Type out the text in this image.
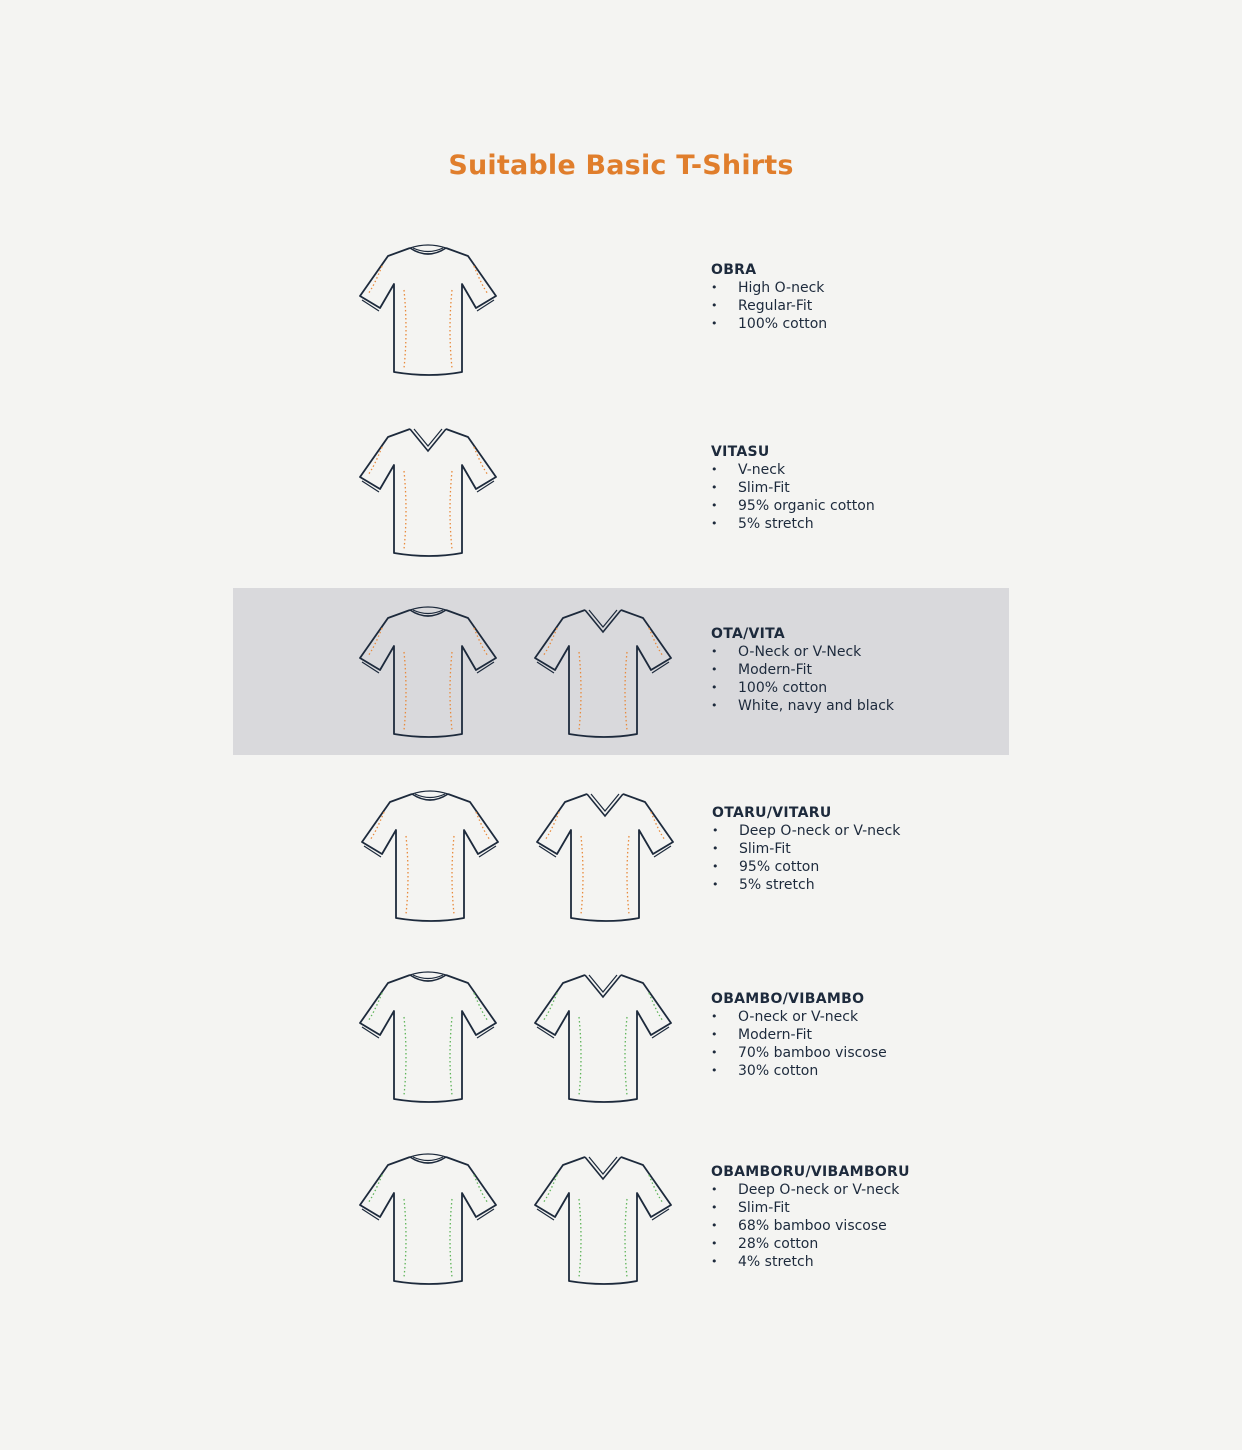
Suitable Basic T-Shirts
OBRA
• High O-neck
• Regular-Fit
• 100% cotton
VITASU
• V-neck
• Slim-Fit
• 95% organic cotton
• 5% stretch
OTA/VITA
• O-Neck or V-Neck
• Modern-Fit
• 100% cotton
• White, navy and black
OTARU/VITARU
• Deep O-neck or V-neck
• Slim-Fit
• 95% cotton
• 5% stretch
OBAMBO/VIBAMBO
• O-neck or V-neck
• Modern-Fit
• 70% bamboo viscose
• 30% cotton
OBAMBORU/VIBAMBORU
• Deep O-neck or V-neck
• Slim-Fit
• 68% bamboo viscose
• 28% cotton
• 4% stretch
